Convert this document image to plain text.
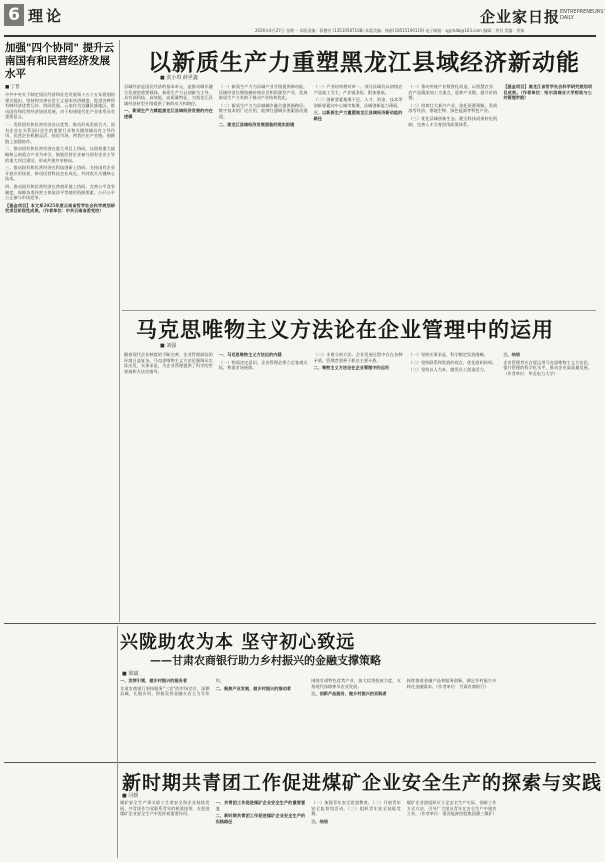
6 理论	企业家日报 ENTREPRENEURS' DAILY
2026年4月27日 星期一 本版责编：蒋德芳 (13510587108) 本版美编：杨群(18515190119) 电子邮箱：qyjrbllb@163.com 编辑：秀君 美编：晋霖
加强"四个协同" 提升云南国有和民营经济发展水平
■ 丁晋

中共中央关于制定国民经济和社会发展第十五个五年规划的建议提出，坚持和完善社会主义基本经济制度，促进各种所有制经济优势互补、协同发展。云南作为边疆民族地区，推动国有和民营经济协同发展，对于构建现代化产业体系具有重要意义。

一、发挥国有和民营经济各自优势，推动形成发展合力。国有企业在关系国计民生的重要行业和关键领域具有主导作用，民营企业机制灵活、贴近市场，两者应在产业链、创新链上加强协作。

二、推动国有和民营经济在重大项目上协同。以国家重大战略和云南重点产业为牵引，鼓励民营企业参与国有企业主导的重大项目建设，形成共建共享格局。

三、推动国有和民营经济在科技创新上协同。支持国有企业开放应用场景，带动民营科技企业成长，共同攻关关键核心技术。

四、推动国有和民营经济在营商环境上协同。完善公平竞争制度，保障各类经营主体依法平等使用资源要素、公开公平公正参与市场竞争。

【基金项目】本文系2025年度云南省哲学社会科学规划研究项目阶段性成果。（作者单位：中共云南省委党校）

以新质生产力重塑黑龙江县域经济新动能
■ 张小琪 薛世鑫

县域经济是国民经济的基本单元，是推动城乡融合发展的重要载体。新质生产力以创新为主导，具有高科技、高效能、高质量特征，为黑龙江县域经济转型升级提供了新的动力和路径。

一、新质生产力赋能黑龙江县域经济发展的内在逻辑

（一）新质生产力为县域产业升级提供新动能。县域经济长期依赖传统农业和资源型产业，发展新质生产力有助于推动产业结构优化。

（二）新质生产力为县域城乡融合提供新路径。数字技术的广泛应用，能够打通城乡要素流动通道。

二、黑龙江县域经济发展面临的现实困境

（一）产业结构相对单一。部分县域仍以初级农产品加工为主，产业链条短、附加值低。

（二）创新要素集聚不足。人才、资金、技术等创新要素向中心城市集聚，县域创新能力薄弱。

三、以新质生产力重塑黑龙江县域经济新动能的路径

（一）推动传统产业数智化改造。以智慧农业、农产品精深加工为重点，延伸产业链、提升价值链。

（二）培育壮大新兴产业。依托资源禀赋，发展冰雪经济、寒地生物、绿色能源等特色产业。

（三）优化县域创新生态。健全科技成果转化机制，完善人才引育留用政策体系。

【基金项目】黑龙江省哲学社会科学研究规划项目成果。（作者单位：哈尔滨商业大学财政与公共管理学院）

马克思唯物主义方法论在企业管理中的运用
■ 刘强

随着现代企业制度的不断完善，企业管理面临的环境日益复杂。马克思唯物主义方法论强调从实际出发、实事求是，为企业管理提供了科学的世界观和方法论指导。

一、马克思唯物主义方法论的内涵

（一）物质决定意识。企业管理必须立足客观实际，尊重市场规律。

（二）矛盾分析方法。企业发展过程中存在各种矛盾，管理者要善于抓住主要矛盾。

二、唯物主义方法论在企业管理中的运用

（一）坚持实事求是，科学制定发展战略。

（二）坚持联系和发展的观点，优化组织结构。

（三）坚持以人为本，激发员工创造活力。

三、结语

企业管理者应自觉运用马克思唯物主义方法论，提升管理的科学化水平，推动企业高质量发展。（作者单位：华北电力大学）

兴陇助农为本 坚守初心致远
——甘肃农商银行助力乡村振兴的金融支撑策略
■ 梁斌

一、发挥引领，做乡村振兴的服务者

甘肃农商银行坚持服务"三农"的市场定位，深耕县域，扎根乡村，积极发挥金融支农主力军作用。

二、聚焦产业发展，做乡村振兴的推动者

围绕甘肃特色优势产业，加大信贷投放力度，支持现代丝路寒旱农业发展。

三、创新产品服务，做乡村振兴的实践者

持续推进金融产品和服务创新，满足乡村振兴多样化金融需求。（作者单位：甘肃农商银行）

新时期共青团工作促进煤矿企业安全生产的探索与实践
■ 闫媛

煤矿安全生产事关职工生命安全和企业持续发展。共青团作为党联系青年的桥梁纽带，在促进煤矿企业安全生产中发挥着重要作用。

一、共青团工作促进煤矿企业安全生产的重要意义

二、新时期共青团工作促进煤矿企业安全生产的实践路径

（一）加强青年安全思想教育。（二）开展青年安全监督岗活动。（三）组织青年安全技能竞赛。

三、结语

煤矿企业团组织应立足安全生产实际，创新工作方式方法，引导广大团员青年在安全生产中建功立业。（作者单位：淮河能源控股集团潘三煤矿）
